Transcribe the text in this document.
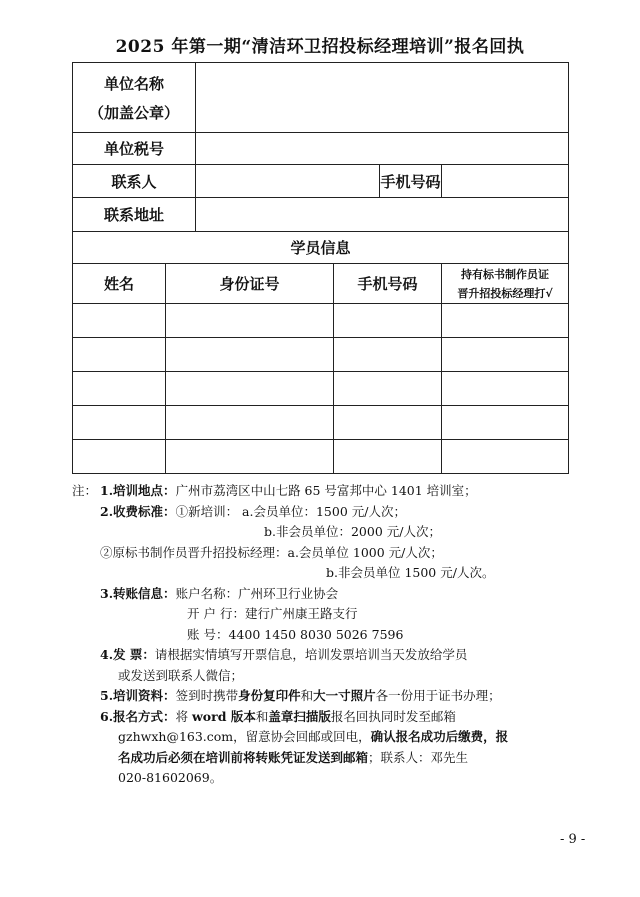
2025 年第一期“清洁环卫招投标经理培训”报名回执
单位名称
（加盖公章）					

单位税号					
联系人				手机号码	
联系地址					
学员信息					
姓名	身份证号		手机号码		持有标书制作员证
晋升招投标经理打√

注： 1.培训地点：广州市荔湾区中山七路 65 号富邦中心 1401 培训室；
2.收费标准：①新培训： a.会员单位：1500 元/人次；
b.非会员单位：2000 元/人次；
②原标书制作员晋升招投标经理：a.会员单位 1000 元/人次；
b.非会员单位 1500 元/人次。
3.转账信息：账户名称：广州环卫行业协会
开 户 行：建行广州康王路支行
账 号：4400 1450 8030 5026 7596
4.发 票：请根据实情填写开票信息，培训发票培训当天发放给学员
或发送到联系人微信；
5.培训资料：签到时携带身份复印件和大一寸照片各一份用于证书办理；
6.报名方式：将 word 版本和盖章扫描版报名回执同时发至邮箱
gzhwxh@163.com，留意协会回邮或回电，确认报名成功后缴费，报
名成功后必须在培训前将转账凭证发送到邮箱；联系人：邓先生
020-81602069。
- 9 -
